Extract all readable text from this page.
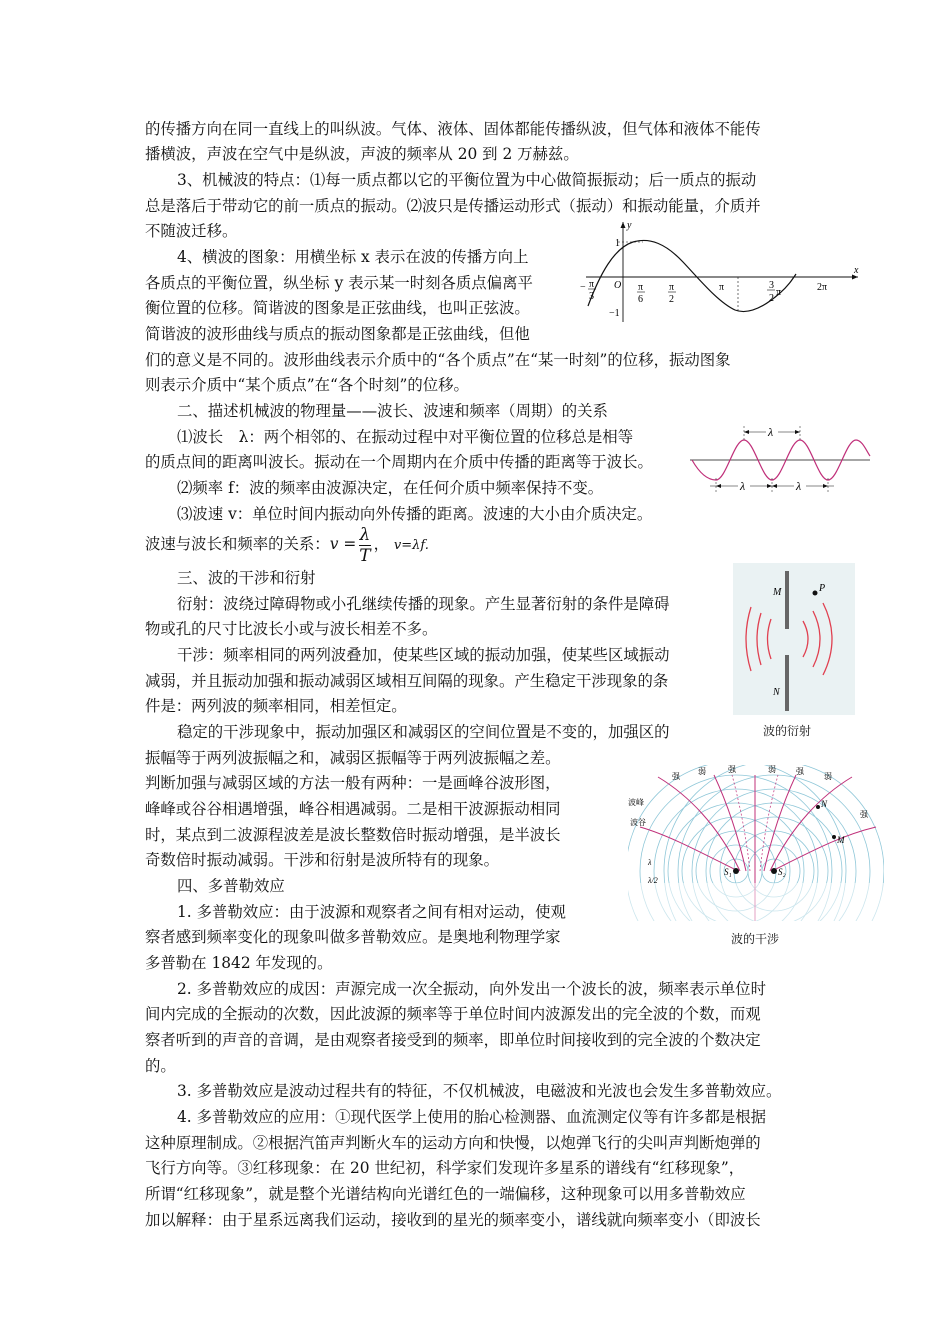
的传播方向在同一直线上的叫纵波。气体、液体、固体都能传播纵波，但气体和液体不能传
播横波，声波在空气中是纵波，声波的频率从 20 到 2 万赫兹。
3、机械波的特点：⑴每一质点都以它的平衡位置为中心做简振振动；后一质点的振动
总是落后于带动它的前一质点的振动。⑵波只是传播运动形式（振动）和振动能量，介质并
不随波迁移。
4、横波的图象：用横坐标 x 表示在波的传播方向上
各质点的平衡位置，纵坐标 y 表示某一时刻各质点偏离平
衡位置的位移。简谐波的图象是正弦曲线，也叫正弦波。
简谐波的波形曲线与质点的振动图象都是正弦曲线，但他
们的意义是不同的。波形曲线表示介质中的“各个质点”在“某一时刻”的位移，振动图象
则表示介质中“某个质点”在“各个时刻”的位移。
二、描述机械波的物理量——波长、波速和频率（周期）的关系
⑴波长　λ：两个相邻的、在振动过程中对平衡位置的位移总是相等
的质点间的距离叫波长。振动在一个周期内在介质中传播的距离等于波长。
⑵频率 f：波的频率由波源决定，在任何介质中频率保持不变。
⑶波速 v：单位时间内振动向外传播的距离。波速的大小由介质决定。
波速与波长和频率的关系：$v = \frac{\lambda}{T}$ ， v=λf.
三、波的干涉和衍射
衍射：波绕过障碍物或小孔继续传播的现象。产生显著衍射的条件是障碍
物或孔的尺寸比波长小或与波长相差不多。
干涉：频率相同的两列波叠加，使某些区域的振动加强，使某些区域振动
减弱，并且振动加强和振动减弱区域相互间隔的现象。产生稳定干涉现象的条
件是：两列波的频率相同，相差恒定。
稳定的干涉现象中，振动加强区和减弱区的空间位置是不变的，加强区的
振幅等于两列波振幅之和，减弱区振幅等于两列波振幅之差。
判断加强与减弱区域的方法一般有两种：一是画峰谷波形图，
峰峰或谷谷相遇增强，峰谷相遇减弱。二是相干波源振动相同
时，某点到二波源程波差是波长整数倍时振动增强，是半波长
奇数倍时振动减弱。干涉和衍射是波所特有的现象。
四、多普勒效应
1. 多普勒效应：由于波源和观察者之间有相对运动，使观
察者感到频率变化的现象叫做多普勒效应。是奥地利物理学家
多普勒在 1842 年发现的。
2. 多普勒效应的成因：声源完成一次全振动，向外发出一个波长的波，频率表示单位时
间内完成的全振动的次数，因此波源的频率等于单位时间内波源发出的完全波的个数，而观
察者听到的声音的音调，是由观察者接受到的频率，即单位时间接收到的完全波的个数决定
的。
3. 多普勒效应是波动过程共有的特征，不仅机械波，电磁波和光波也会发生多普勒效应。
4. 多普勒效应的应用：①现代医学上使用的胎心检测器、血流测定仪等有许多都是根据
这种原理制成。②根据汽笛声判断火车的运动方向和快慢，以炮弹飞行的尖叫声判断炮弹的
飞行方向等。③红移现象：在 20 世纪初，科学家们发现许多星系的谱线有“红移现象”，
所谓“红移现象”，就是整个光谱结构向光谱红色的一端偏移，这种现象可以用多普勒效应
加以解释：由于星系远离我们运动，接收到的星光的频率变小，谱线就向频率变小（即波长
y
x
O
1
−1
− π
3
π
6
π
2
π	3
2
π	2π
λ
λ	λ
M
N
P
波的衍射
S₁	S₂
N
M
强
弱	强	弱	强
弱
强
波峰
波谷
λ
λ/2
波的干涉
